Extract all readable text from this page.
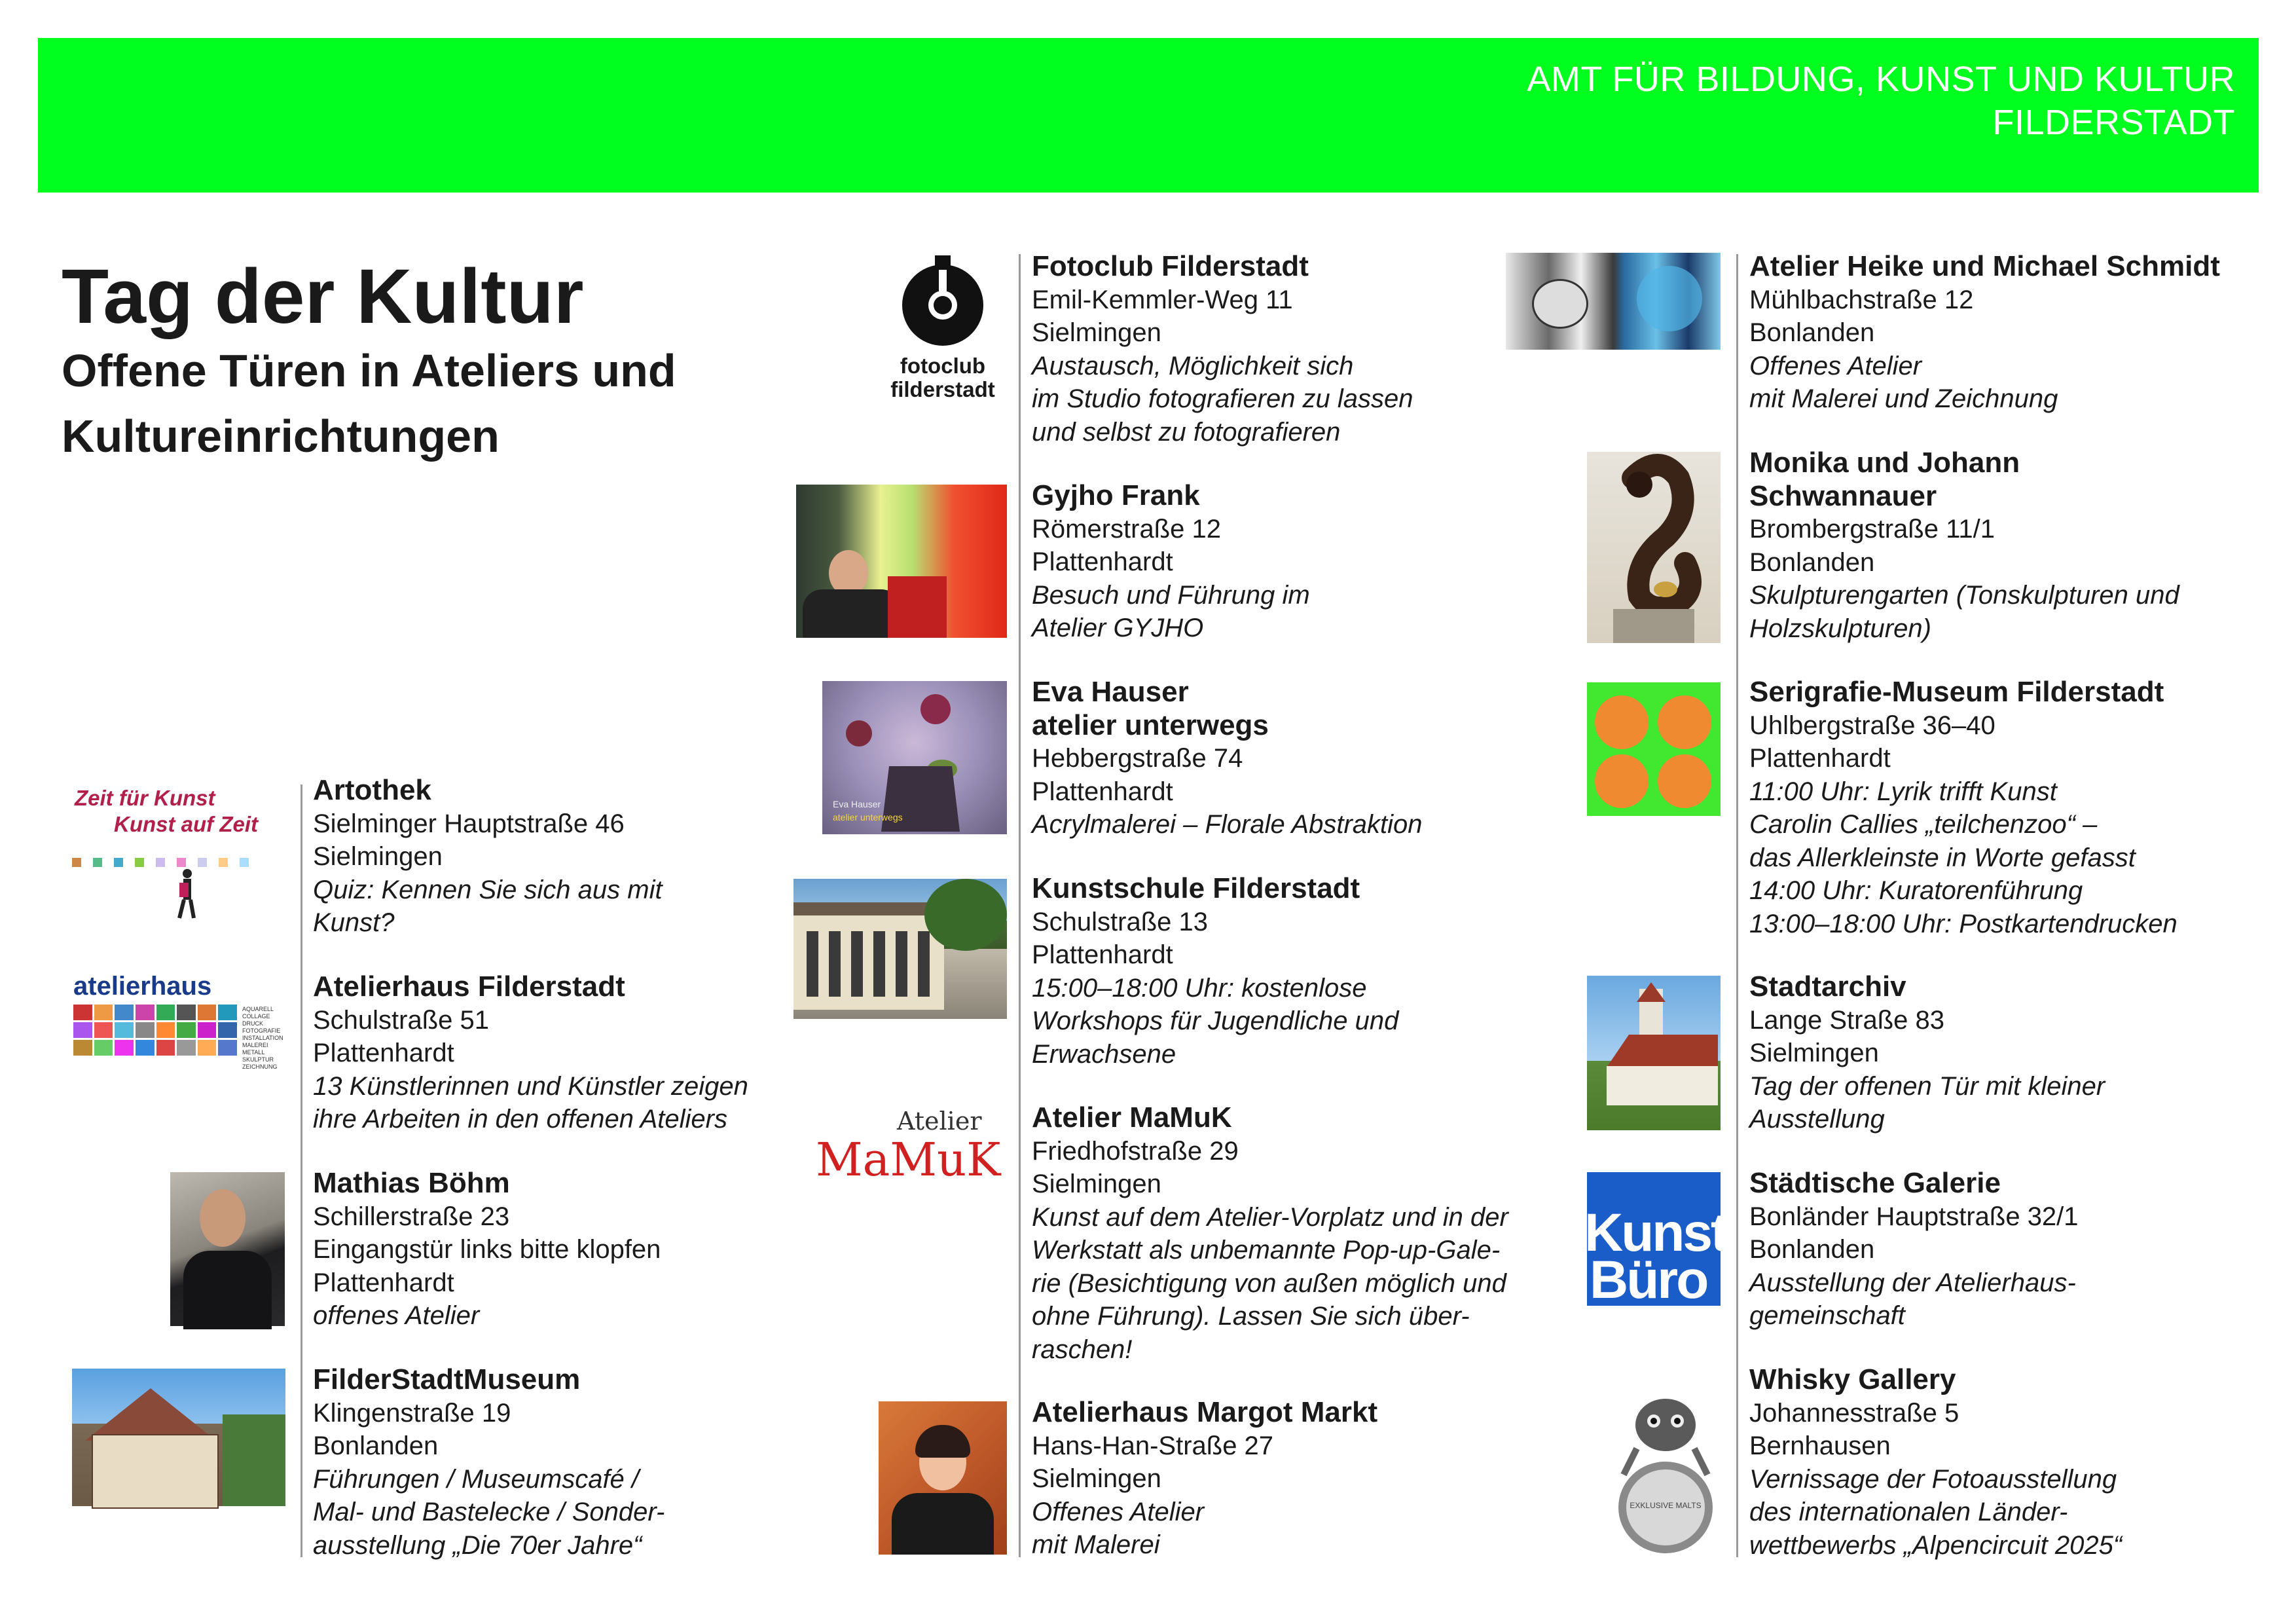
AMT FÜR BILDUNG, KUNST UND KULTUR
FILDERSTADT
Tag der Kultur
Offene Türen in Ateliers und Kultureinrichtungen
Zeit für Kunst
Kunst auf Zeit
atelierhaus
AQUARELL COLLAGE DRUCK FOTOGRAFIE INSTALLATION MALEREI METALL SKULPTUR ZEICHNUNG
Artothek
Sielminger Hauptstraße 46
Sielmingen
Quiz: Kennen Sie sich aus mit
Kunst?
Atelierhaus Filderstadt
Schulstraße 51
Plattenhardt
13 Künstlerinnen und Künstler zeigen
ihre Arbeiten in den offenen Ateliers
Mathias Böhm
Schillerstraße 23
Eingangstür links bitte klopfen
Plattenhardt
offenes Atelier
FilderStadtMuseum
Klingenstraße 19
Bonlanden
Führungen / Museumscafé /
Mal- und Bastelecke / Sonder-
ausstellung „Die 70er Jahre“
fotoclub
filderstadt
Eva Hauser
atelier unterwegs
Atelier
MaMuK
Fotoclub Filderstadt
Emil-Kemmler-Weg 11
Sielmingen
Austausch, Möglichkeit sich
im Studio fotografieren zu lassen
und selbst zu fotografieren
Gyjho Frank
Römerstraße 12
Plattenhardt
Besuch und Führung im
Atelier GYJHO
Eva Hauser
atelier unterwegs
Hebbergstraße 74
Plattenhardt
Acrylmalerei – Florale Abstraktion
Kunstschule Filderstadt
Schulstraße 13
Plattenhardt
15:00–18:00 Uhr: kostenlose
Workshops für Jugendliche und
Erwachsene
Atelier MaMuK
Friedhofstraße 29
Sielmingen
Kunst auf dem Atelier-Vorplatz und in der
Werkstatt als unbemannte Pop-up-Gale-
rie (Besichtigung von außen möglich und
ohne Führung). Lassen Sie sich über-
raschen!
Atelierhaus Margot Markt
Hans-Han-Straße 27
Sielmingen
Offenes Atelier
mit Malerei
Kunst
Büro
EXKLUSIVE MALTS
Atelier Heike und Michael Schmidt
Mühlbachstraße 12
Bonlanden
Offenes Atelier
mit Malerei und Zeichnung
Monika und Johann
Schwannauer
Brombergstraße 11/1
Bonlanden
Skulpturengarten (Tonskulpturen und
Holzskulpturen)
Serigrafie-Museum Filderstadt
Uhlbergstraße 36–40
Plattenhardt
11:00 Uhr: Lyrik trifft Kunst
Carolin Callies „teilchenzoo“ –
das Allerkleinste in Worte gefasst
14:00 Uhr: Kuratorenführung
13:00–18:00 Uhr: Postkartendrucken
Stadtarchiv
Lange Straße 83
Sielmingen
Tag der offenen Tür mit kleiner
Ausstellung
Städtische Galerie
Bonländer Hauptstraße 32/1
Bonlanden
Ausstellung der Atelierhaus-
gemeinschaft
Whisky Gallery
Johannesstraße 5
Bernhausen
Vernissage der Fotoausstellung
des internationalen Länder-
wettbewerbs „Alpencircuit 2025“
